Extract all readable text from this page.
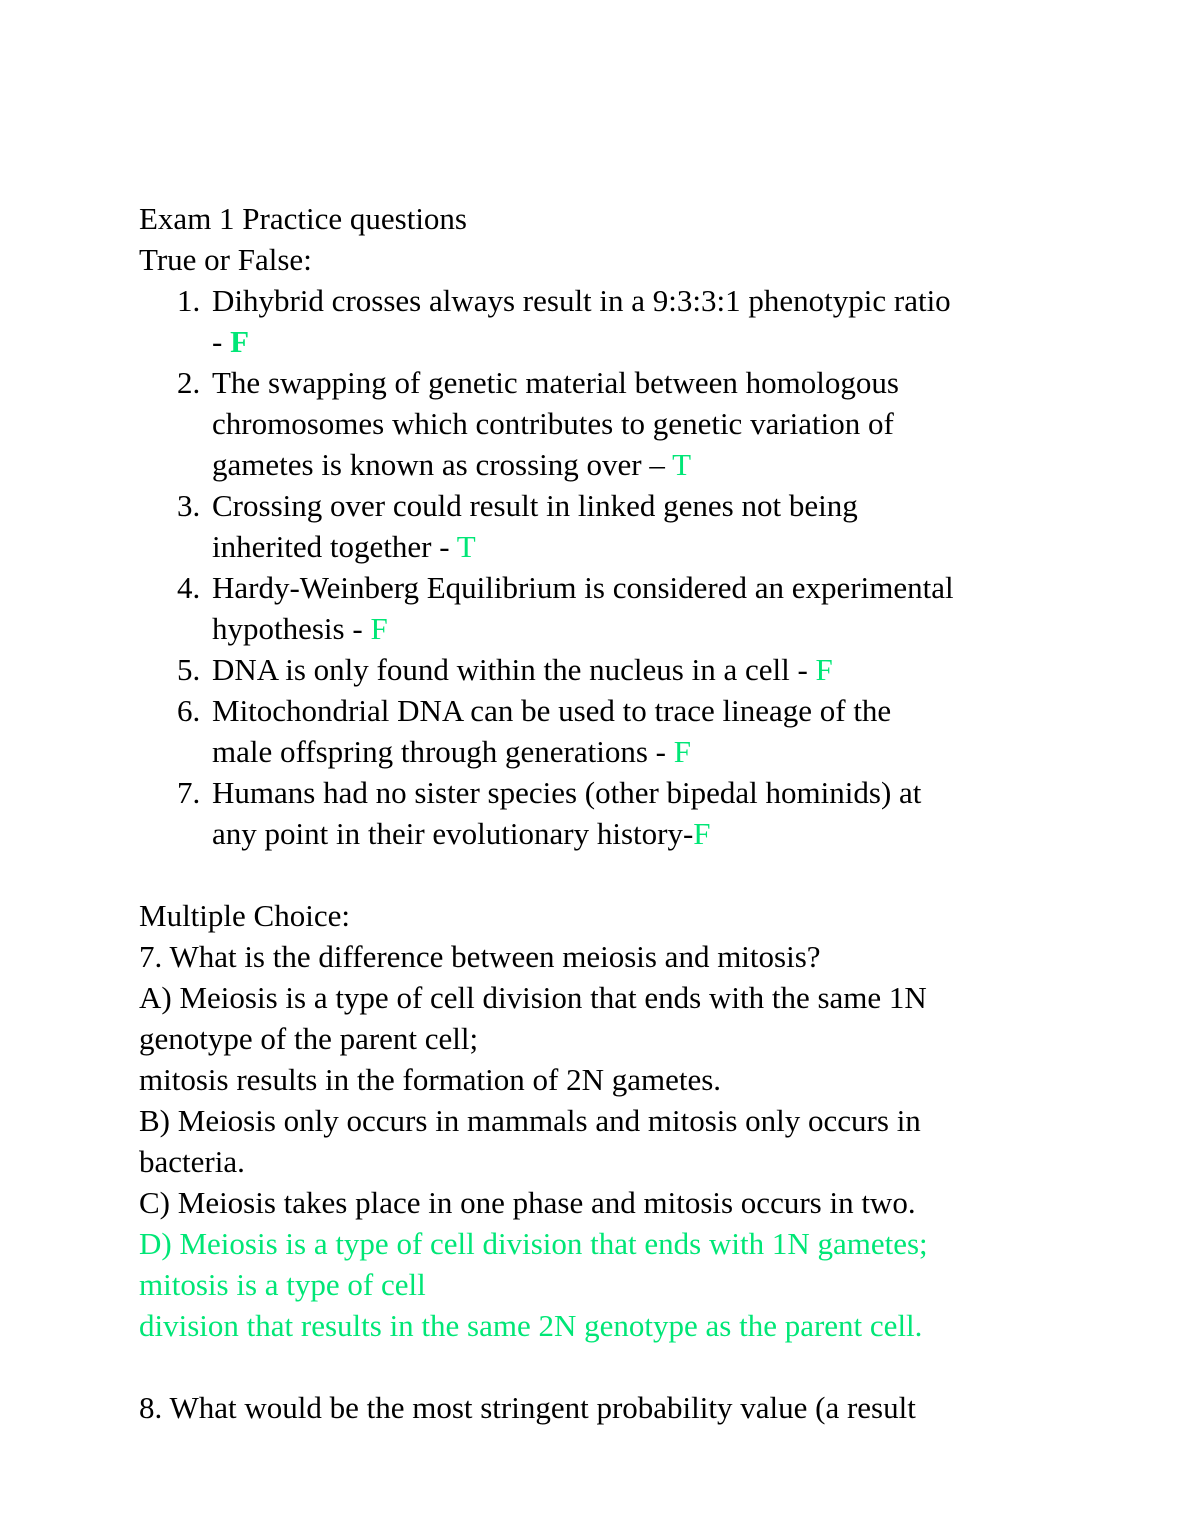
Exam 1 Practice questions
True or False:
1. Dihybrid crosses always result in a 9:3:3:1 phenotypic ratio
- F
2. The swapping of genetic material between homologous
chromosomes which contributes to genetic variation of
gametes is known as crossing over – T
3. Crossing over could result in linked genes not being
inherited together - T
4. Hardy-Weinberg Equilibrium is considered an experimental
hypothesis - F
5. DNA is only found within the nucleus in a cell - F
6. Mitochondrial DNA can be used to trace lineage of the
male offspring through generations - F
7. Humans had no sister species (other bipedal hominids) at
any point in their evolutionary history-F
Multiple Choice:
7. What is the difference between meiosis and mitosis?
A) Meiosis is a type of cell division that ends with the same 1N
genotype of the parent cell;
mitosis results in the formation of 2N gametes.
B) Meiosis only occurs in mammals and mitosis only occurs in
bacteria.
C) Meiosis takes place in one phase and mitosis occurs in two.
D) Meiosis is a type of cell division that ends with 1N gametes;
mitosis is a type of cell
division that results in the same 2N genotype as the parent cell.
8. What would be the most stringent probability value (a result
